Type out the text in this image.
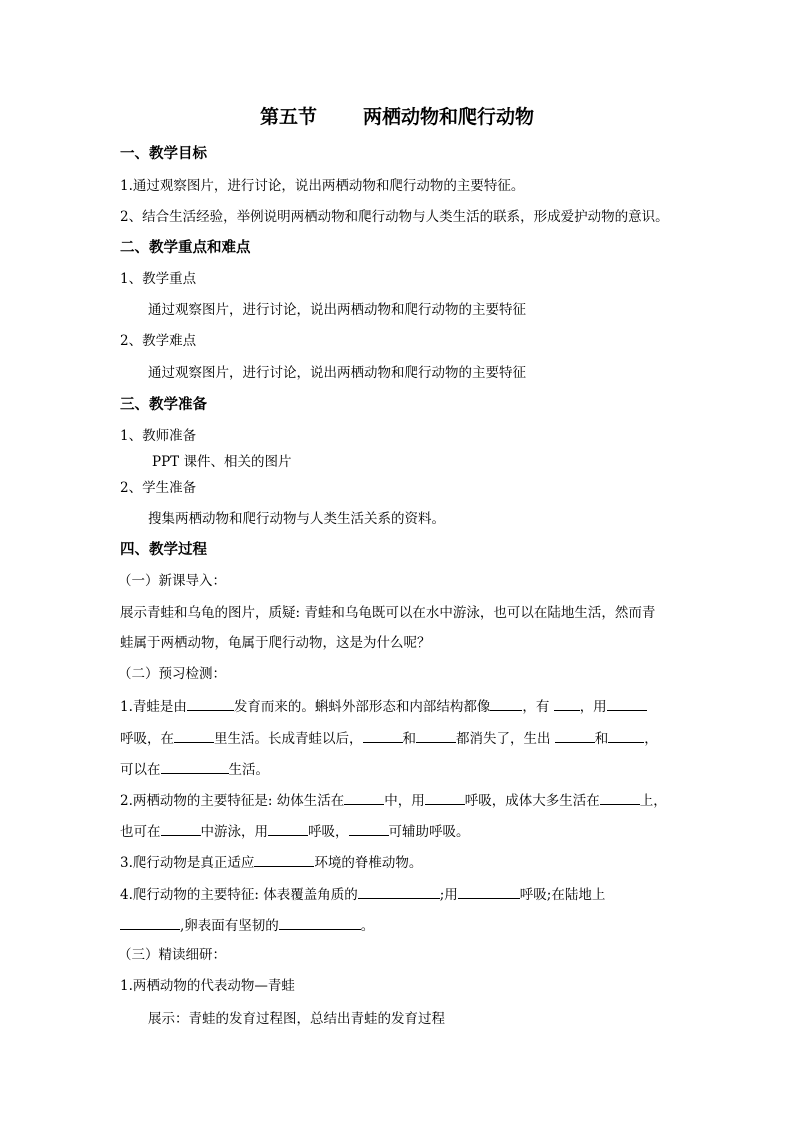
第五节 两栖动物和爬行动物
一、教学目标
1.通过观察图片，进行讨论，说出两栖动物和爬行动物的主要特征。
2、结合生活经验，举例说明两栖动物和爬行动物与人类生活的联系，形成爱护动物的意识。
二、教学重点和难点
1、教学重点
通过观察图片，进行讨论，说出两栖动物和爬行动物的主要特征
2、教学难点
通过观察图片，进行讨论，说出两栖动物和爬行动物的主要特征
三、教学准备
1、教师准备
PPT 课件、相关的图片
2、学生准备
搜集两栖动物和爬行动物与人类生活关系的资料。
四、教学过程
（一）新课导入：
展示青蛙和乌龟的图片，质疑: 青蛙和乌龟既可以在水中游泳，也可以在陆地生活，然而青
蛙属于两栖动物，龟属于爬行动物，这是为什么呢？
（二）预习检测：
1.青蛙是由	发育而来的。蝌蚪外部形态和内部结构都像 ，有 ，用
呼吸，在	里生活。长成青蛙以后，	和	都消失了，生出	和	，
可以在	生活。
2.两栖动物的主要特征是: 幼体生活在	中，用	呼吸，成体大多生活在	上，
也可在	中游泳，用	呼吸，	可辅助呼吸。
3.爬行动物是真正适应	环境的脊椎动物。
4.爬行动物的主要特征: 体表覆盖角质的	;用	呼吸;在陆地上
,卵表面有坚韧的	。
（三）精读细研：
1.两栖动物的代表动物—青蛙
展示：青蛙的发育过程图，总结出青蛙的发育过程
